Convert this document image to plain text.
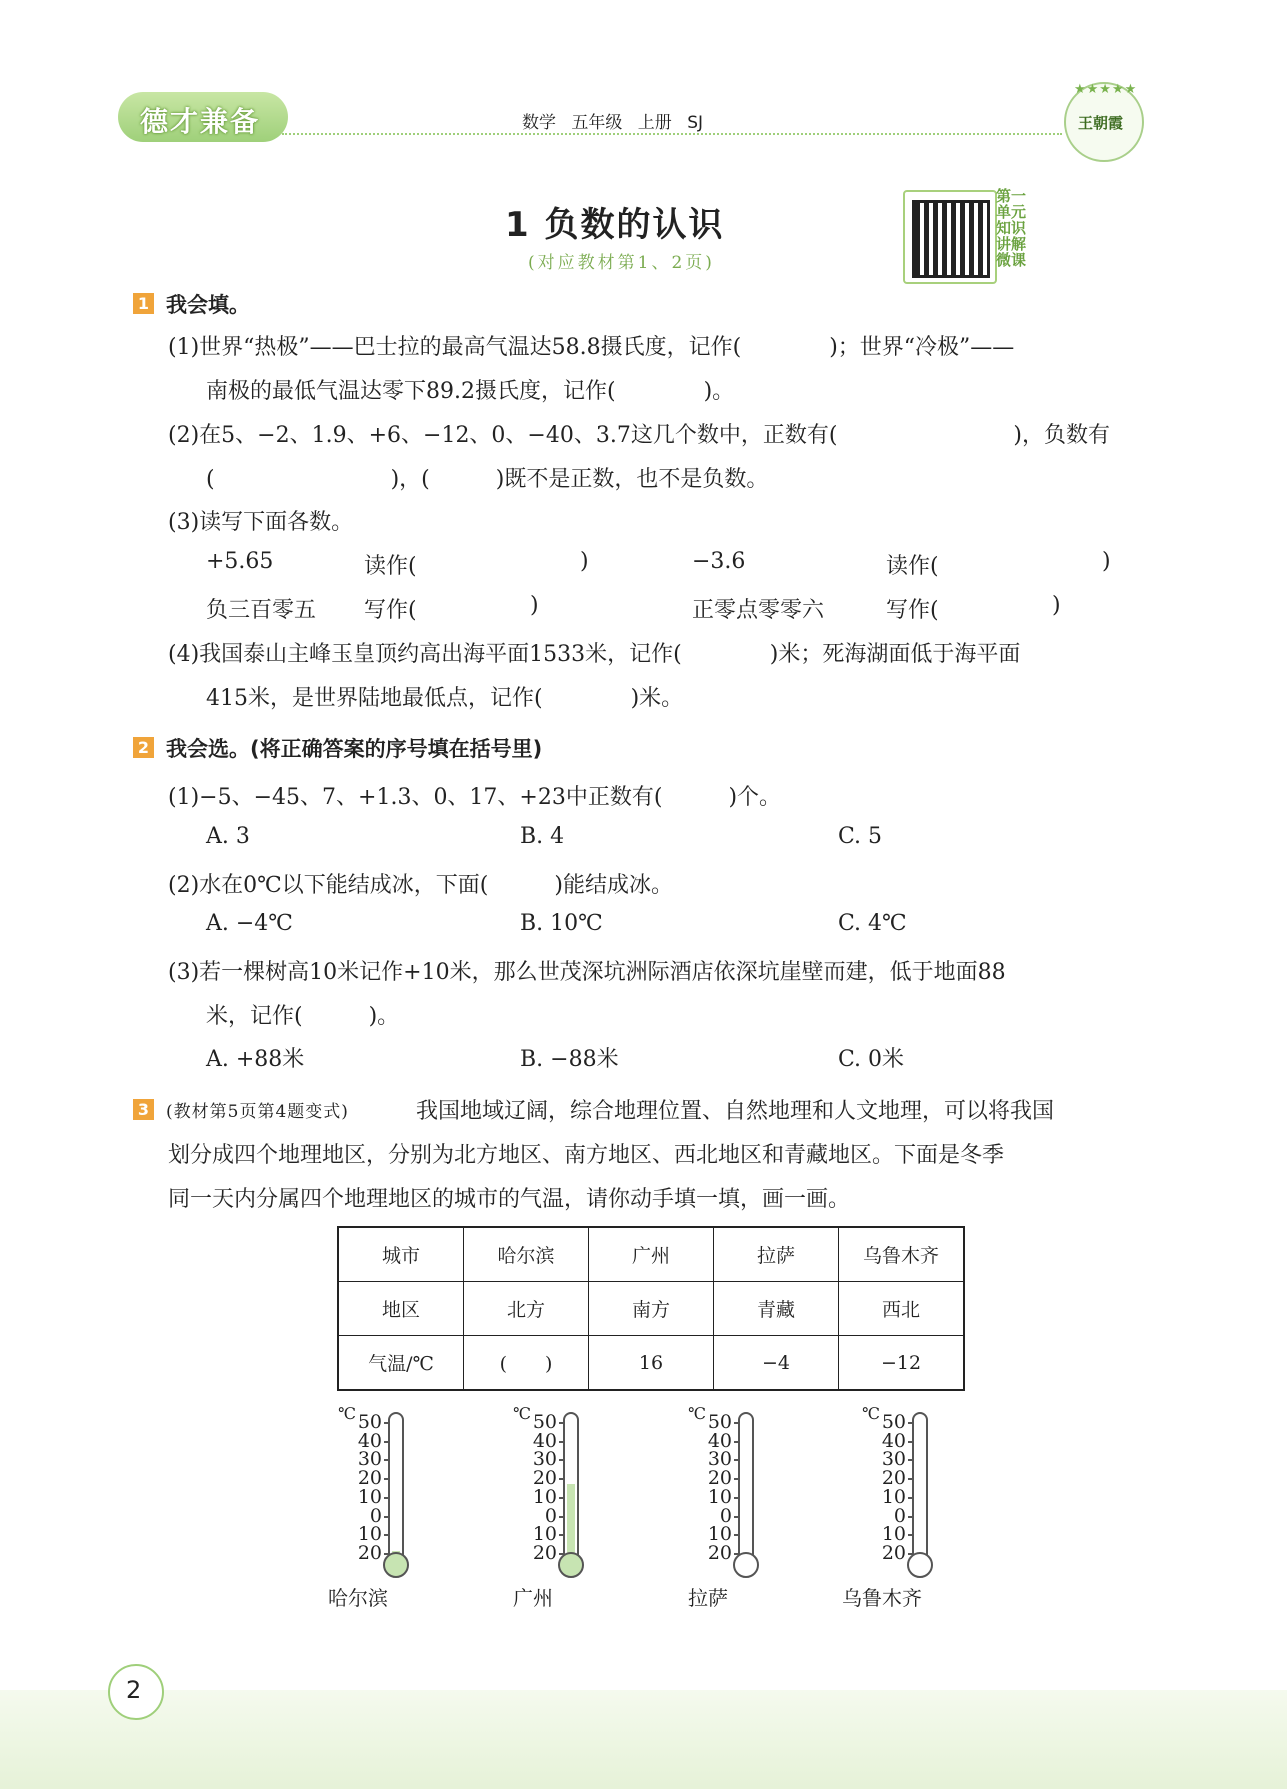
德才兼备	数学 五年级 上册 SJ
★★★★★
王朝霞
1 负数的认识
(对应教材第1、2页)
第一单元 知识讲解微课
1 我会填。
(1)世界“热极”——巴士拉的最高气温达58.8摄氏度，记作(　　　　)；世界“冷极”——
南极的最低气温达零下89.2摄氏度，记作(　　　　)。
(2)在5、−2、1.9、+6、−12、0、−40、3.7这几个数中，正数有(　　　　　　　　)，负数有
(　　　　　　　　)，(　　　)既不是正数，也不是负数。
(3)读写下面各数。
+5.65	读作(	)	−3.6	读作(	)
负三百零五 写作(	)	正零点零零六	写作(	)
(4)我国泰山主峰玉皇顶约高出海平面1533米，记作(　　　　)米；死海湖面低于海平面
415米，是世界陆地最低点，记作(　　　　)米。
2 我会选。(将正确答案的序号填在括号里)
(1)−5、−45、7、+1.3、0、17、+23中正数有(　　　)个。
A. 3	B. 4	C. 5
(2)水在0℃以下能结成冰，下面(　　　)能结成冰。
A. −4℃	B. 10℃	C. 4℃
(3)若一棵树高10米记作+10米，那么世茂深坑洲际酒店依深坑崖壁而建，低于地面88
米，记作(　　　)。
A. +88米	B. −88米	C. 0米
3 (教材第5页第4题变式)	我国地域辽阔，综合地理位置、自然地理和人文地理，可以将我国
划分成四个地理地区，分别为北方地区、南方地区、西北地区和青藏地区。下面是冬季
同一天内分属四个地理地区的城市的气温，请你动手填一填，画一画。
城市	哈尔滨	广州	拉萨	乌鲁木齐
地区	北方	南方	青藏	西北
气温/℃	(　　)	16	−4	−12
℃ 50
40
30
20
10
0
10
20
哈尔滨
℃ 50
40
30
20
10
0
10
20
广州
℃ 50
40
30
20
10
0
10
20
拉萨
℃ 50
40
30
20
10
0
10
20
乌鲁木齐
2
